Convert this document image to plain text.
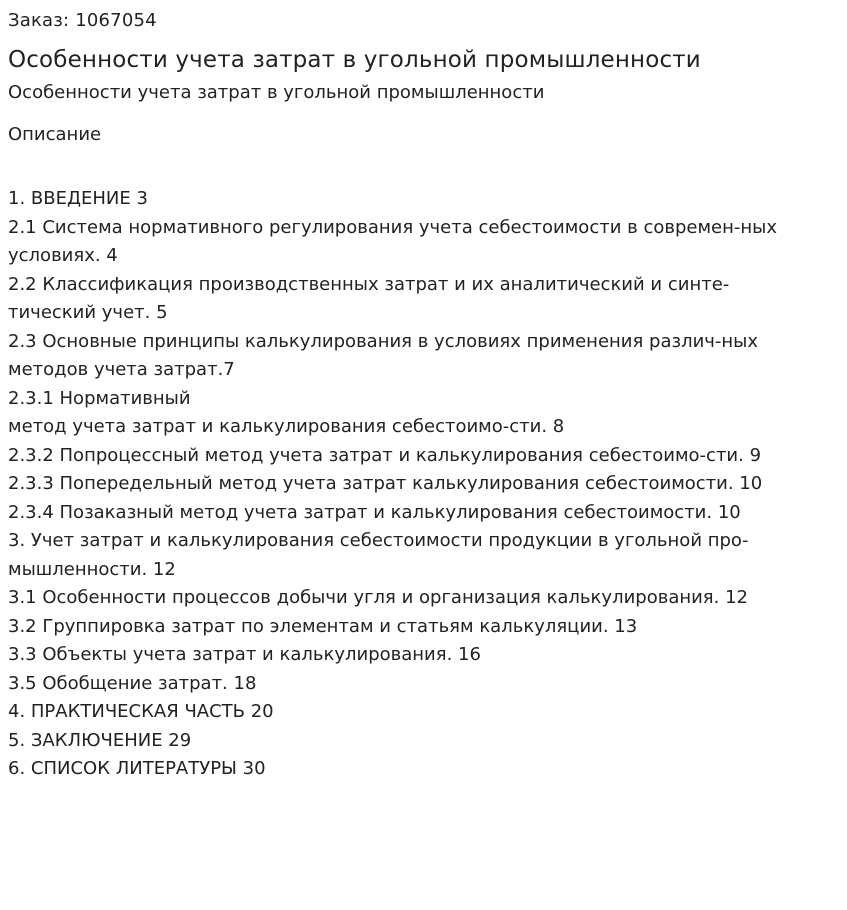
Заказ: 1067054

Особенности учета затрат в угольной промышленности

Особенности учета затрат в угольной промышленности

Описание
1. ВВЕДЕНИЕ 3
2.1 Система нормативного регулирования учета себестоимости в современ-ных
условиях. 4
2.2 Классификация производственных затрат и их аналитический и синте-
тический учет. 5
2.3 Основные принципы калькулирования в условиях применения различ-ных
методов учета затрат.7
2.3.1 Нормативный
метод учета затрат и калькулирования себестоимо-сти. 8
2.3.2 Попроцессный метод учета затрат и калькулирования себестоимо-сти. 9
2.3.3 Попередельный метод учета затрат калькулирования себестоимости. 10
2.3.4 Позаказный метод учета затрат и калькулирования себестоимости. 10
3. Учет затрат и калькулирования себестоимости продукции в угольной про-
мышленности. 12
3.1 Особенности процессов добычи угля и организация калькулирования. 12
3.2 Группировка затрат по элементам и статьям калькуляции. 13
3.3 Объекты учета затрат и калькулирования. 16
3.5 Обобщение затрат. 18
4. ПРАКТИЧЕСКАЯ ЧАСТЬ 20
5. ЗАКЛЮЧЕНИЕ 29
6. СПИСОК ЛИТЕРАТУРЫ 30
